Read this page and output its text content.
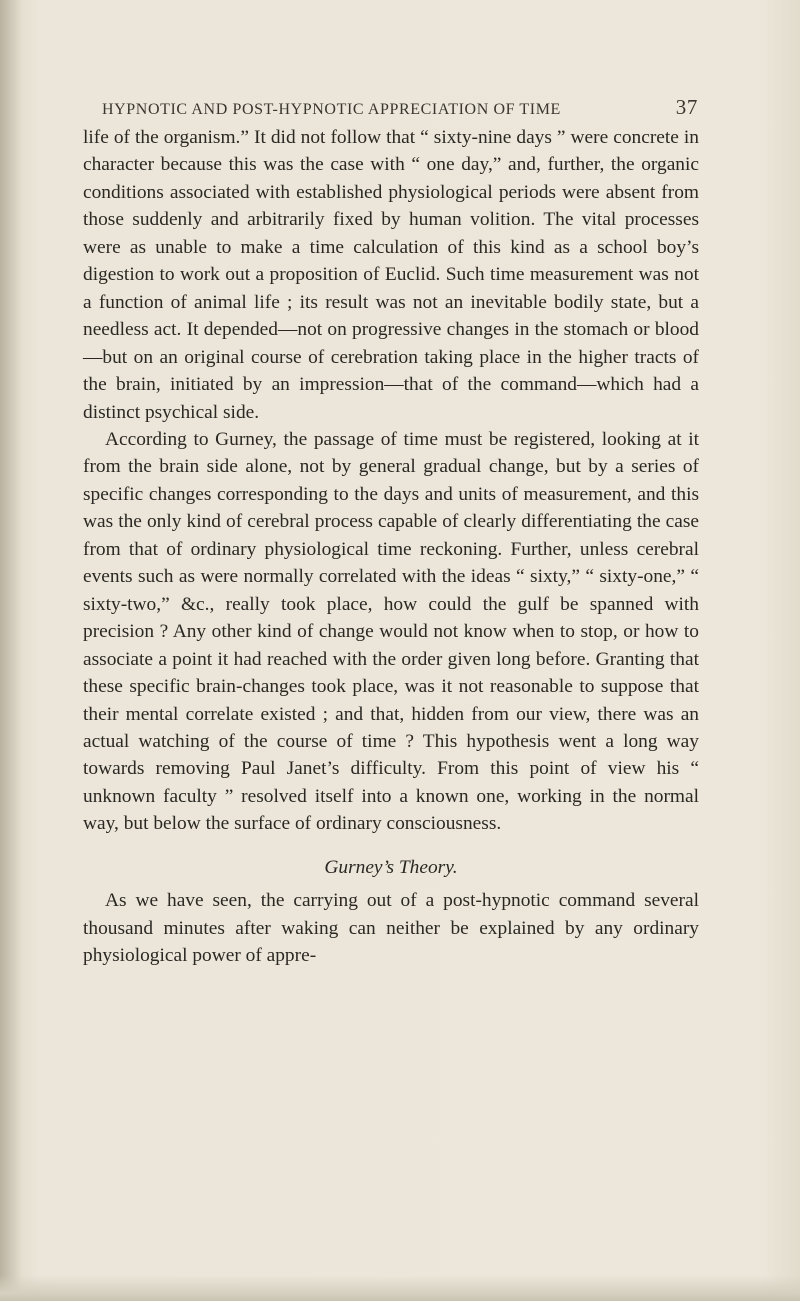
HYPNOTIC AND POST-HYPNOTIC APPRECIATION OF TIME	37

life of the organism.” It did not follow that “ sixty-nine days ” were concrete in character because this was the case with “ one day,” and, further, the organic conditions associated with established physiological periods were absent from those suddenly and arbitrarily fixed by human volition. The vital processes were as unable to make a time calculation of this kind as a school boy’s digestion to work out a proposition of Euclid. Such time measurement was not a function of animal life ; its result was not an inevitable bodily state, but a needless act. It depended—not on progressive changes in the stomach or blood—but on an original course of cerebration taking place in the higher tracts of the brain, initiated by an impression—that of the command—which had a distinct psychical side.

According to Gurney, the passage of time must be registered, looking at it from the brain side alone, not by general gradual change, but by a series of specific changes corresponding to the days and units of measurement, and this was the only kind of cerebral process capable of clearly differentiating the case from that of ordinary physiological time reckoning. Further, unless cerebral events such as were normally correlated with the ideas “ sixty,” “ sixty-one,” “ sixty-two,” &c., really took place, how could the gulf be spanned with precision ? Any other kind of change would not know when to stop, or how to associate a point it had reached with the order given long before. Granting that these specific brain-changes took place, was it not reasonable to suppose that their mental correlate existed ; and that, hidden from our view, there was an actual watching of the course of time ? This hypothesis went a long way towards removing Paul Janet’s difficulty. From this point of view his “ unknown faculty ” resolved itself into a known one, working in the normal way, but below the surface of ordinary consciousness.

Gurney’s Theory.

As we have seen, the carrying out of a post-hypnotic command several thousand minutes after waking can neither be explained by any ordinary physiological power of appre-
